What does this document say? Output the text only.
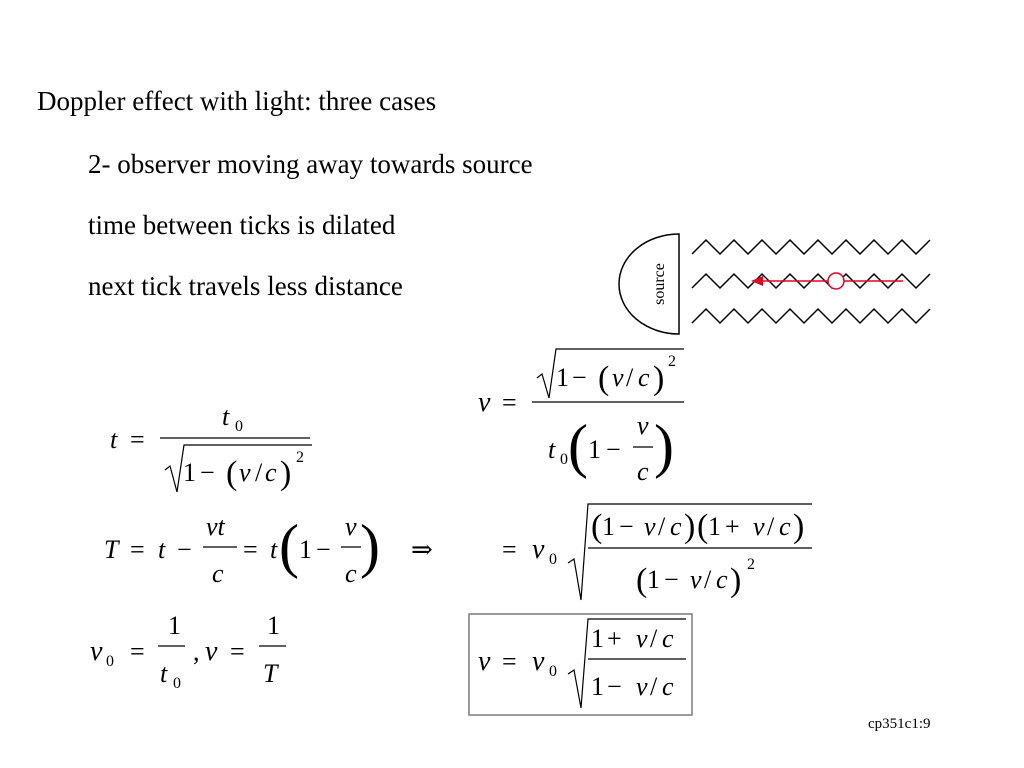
Doppler effect with light: three cases
2- observer moving away towards source
time between ticks is dilated
next tick travels less distance	source
t =
t 0
1 − ( v / c ) 2
T = t −
vt
c
= t ( 1 −
v
c ) ⇒
ν 0 =
1
t 0
, ν =
1
T
ν =
1 − ( v / c ) 2
t 0 ( 1 −
v
c )
= ν 0
( 1 − v / c ) ( 1 + v / c )
( 1 − v / c ) 2
ν = ν 0
1 + v / c
1 − v / c
cp351c1:9
